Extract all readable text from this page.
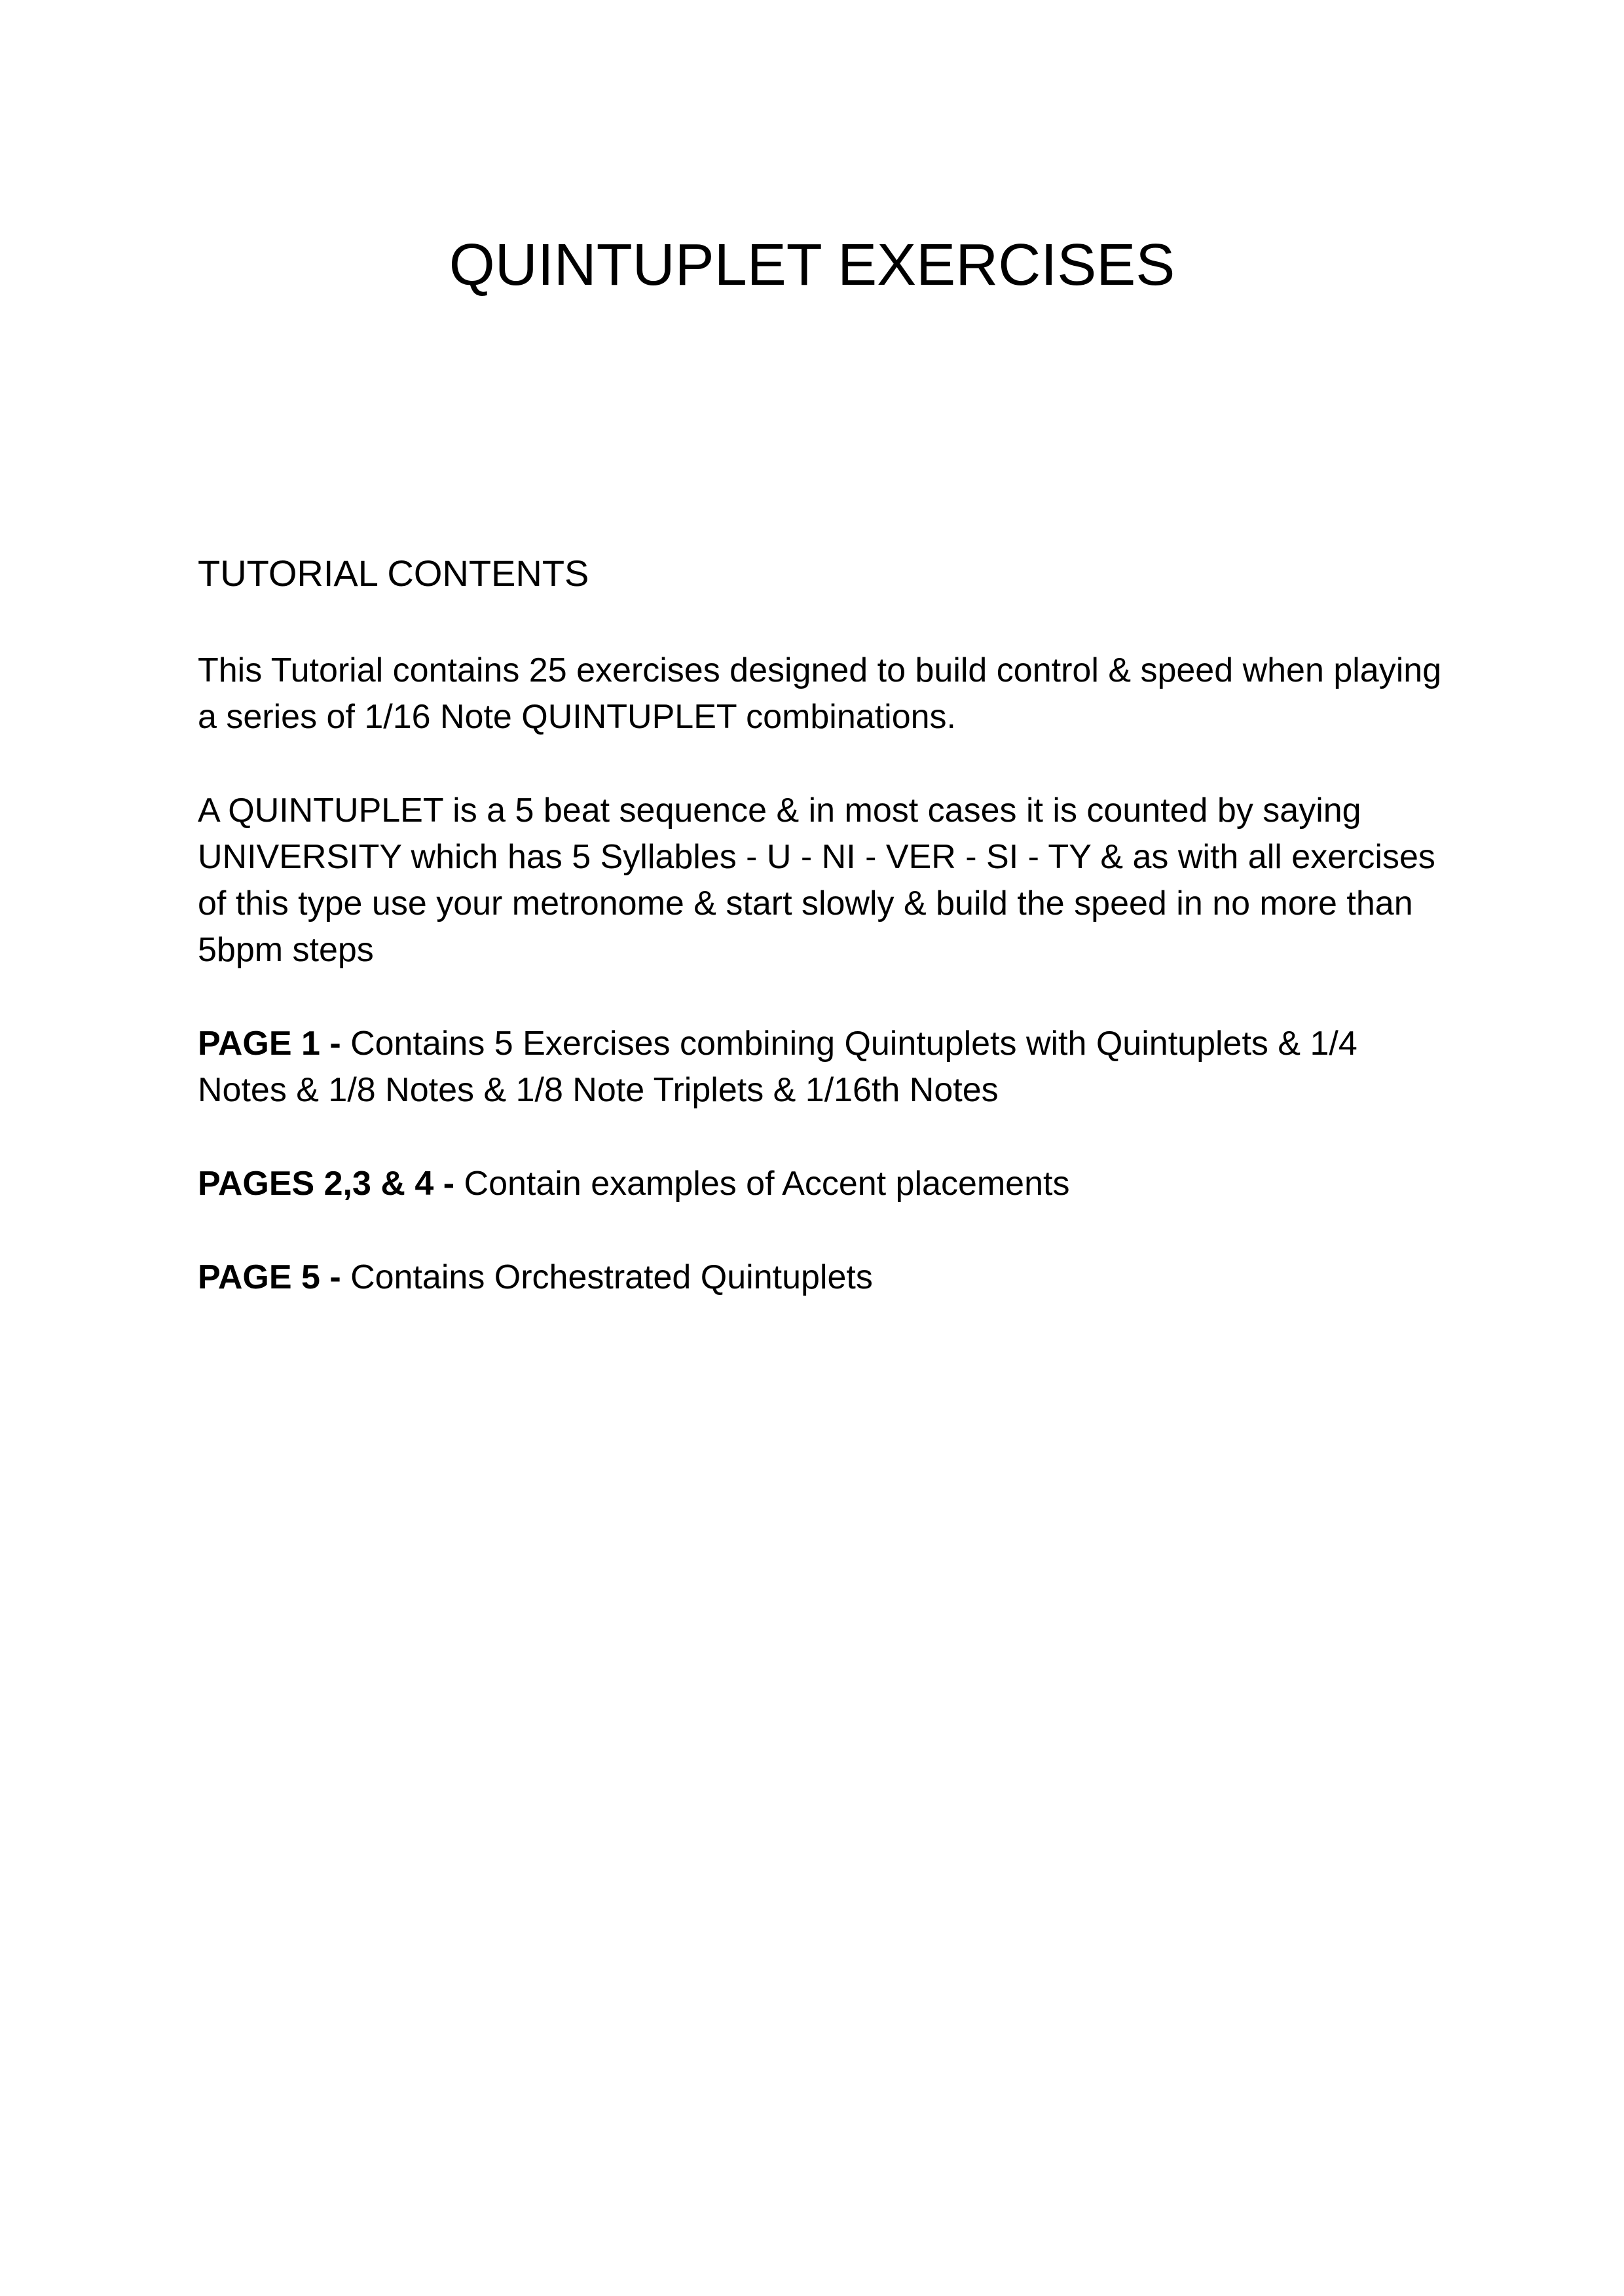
QUINTUPLET EXERCISES
TUTORIAL CONTENTS

This Tutorial contains 25 exercises designed to build control & speed when playing a series of 1/16 Note QUINTUPLET combinations.

A QUINTUPLET is a 5 beat sequence & in most cases it is counted by saying UNIVERSITY which has 5 Syllables - U - NI - VER - SI - TY & as with all exercises of this type use your metronome & start slowly & build the speed in no more than 5bpm steps

PAGE 1 - Contains 5 Exercises combining Quintuplets with Quintuplets & 1/4 Notes & 1/8 Notes & 1/8 Note Triplets & 1/16th Notes

PAGES 2,3 & 4 - Contain examples of Accent placements

PAGE 5 - Contains Orchestrated Quintuplets
